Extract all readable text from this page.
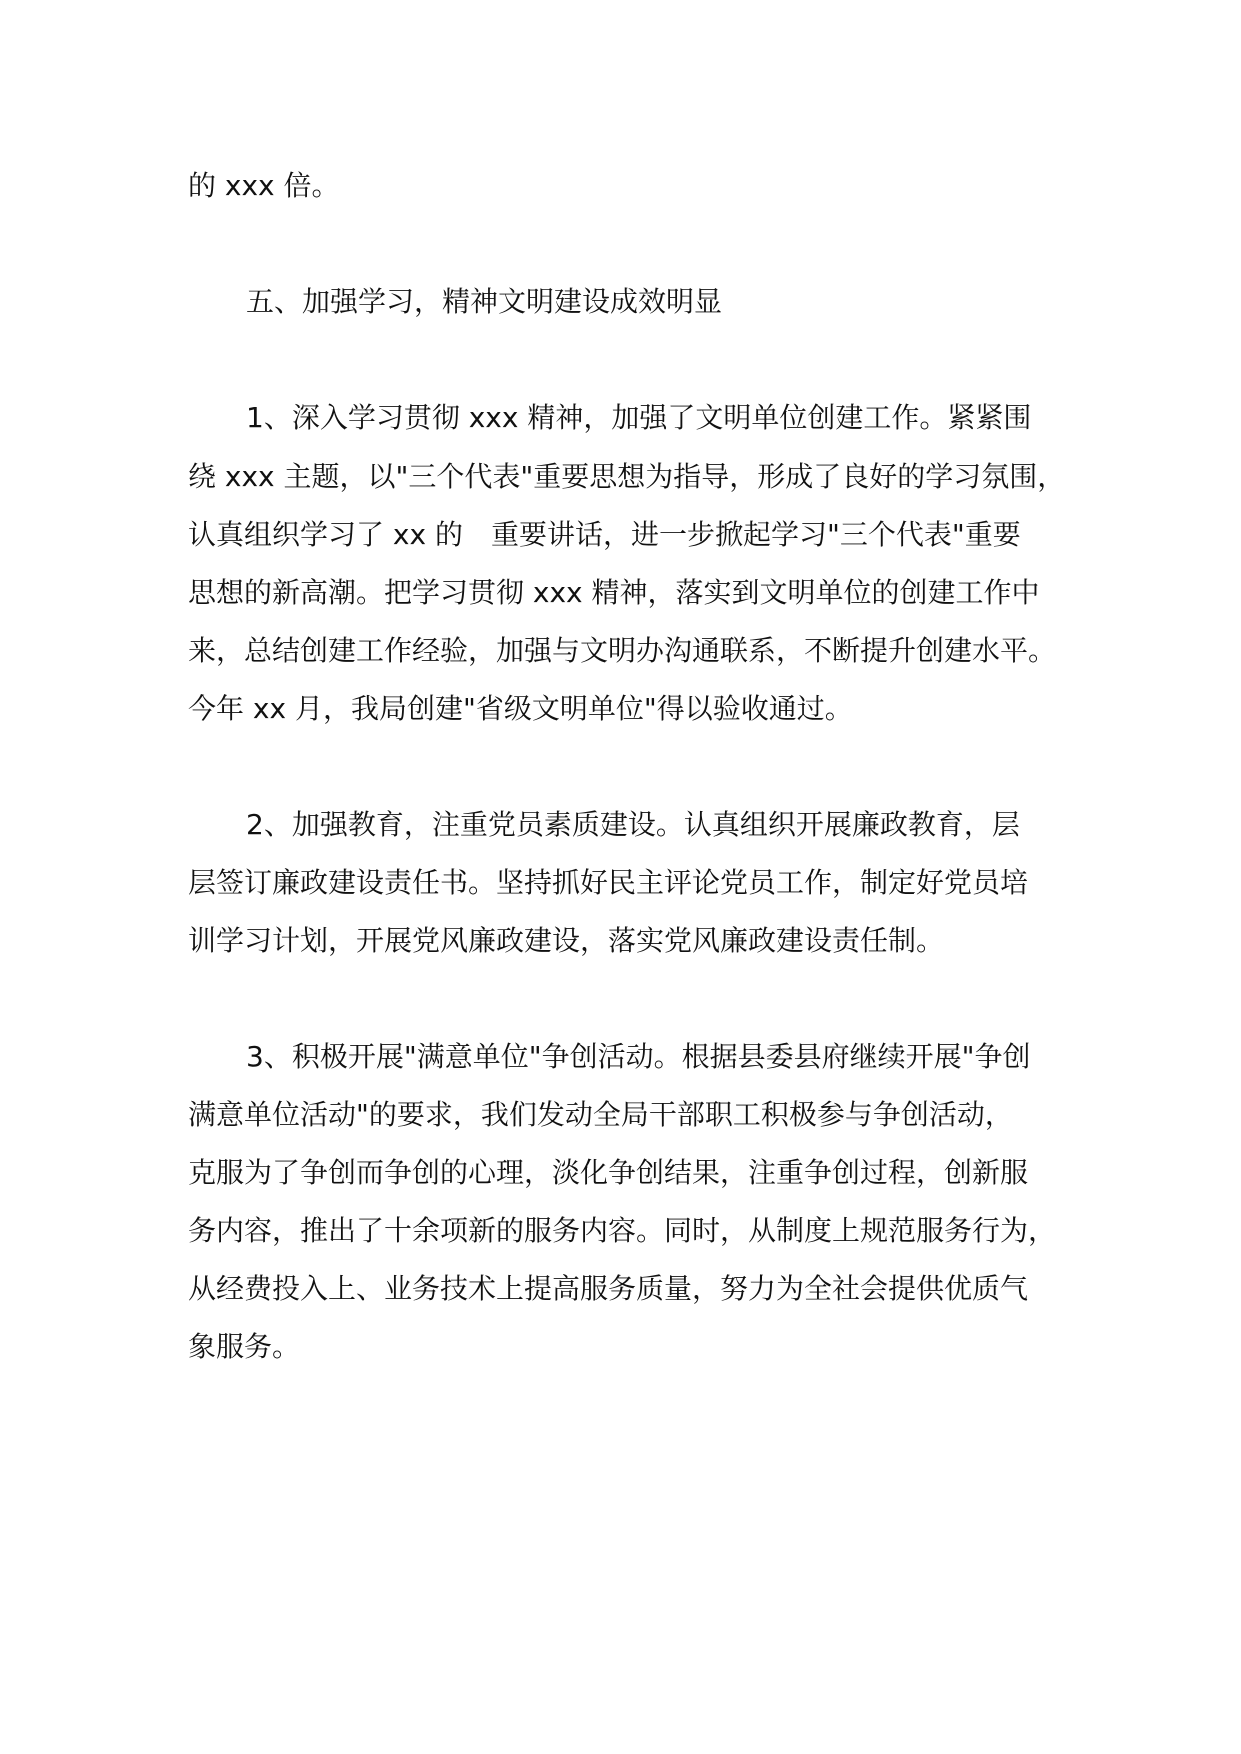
的 xxx 倍。
五、加强学习，精神文明建设成效明显
1、深入学习贯彻 xxx 精神，加强了文明单位创建工作。紧紧围
绕 xxx 主题，以"三个代表"重要思想为指导，形成了良好的学习氛围，
认真组织学习了 xx 的　重要讲话，进一步掀起学习"三个代表"重要
思想的新高潮。把学习贯彻 xxx 精神，落实到文明单位的创建工作中
来，总结创建工作经验，加强与文明办沟通联系，不断提升创建水平。
今年 xx 月，我局创建"省级文明单位"得以验收通过。
2、加强教育，注重党员素质建设。认真组织开展廉政教育，层
层签订廉政建设责任书。坚持抓好民主评论党员工作，制定好党员培
训学习计划，开展党风廉政建设，落实党风廉政建设责任制。
3、积极开展"满意单位"争创活动。根据县委县府继续开展"争创
满意单位活动"的要求，我们发动全局干部职工积极参与争创活动，
克服为了争创而争创的心理，淡化争创结果，注重争创过程，创新服
务内容，推出了十余项新的服务内容。同时，从制度上规范服务行为，
从经费投入上、业务技术上提高服务质量，努力为全社会提供优质气
象服务。
